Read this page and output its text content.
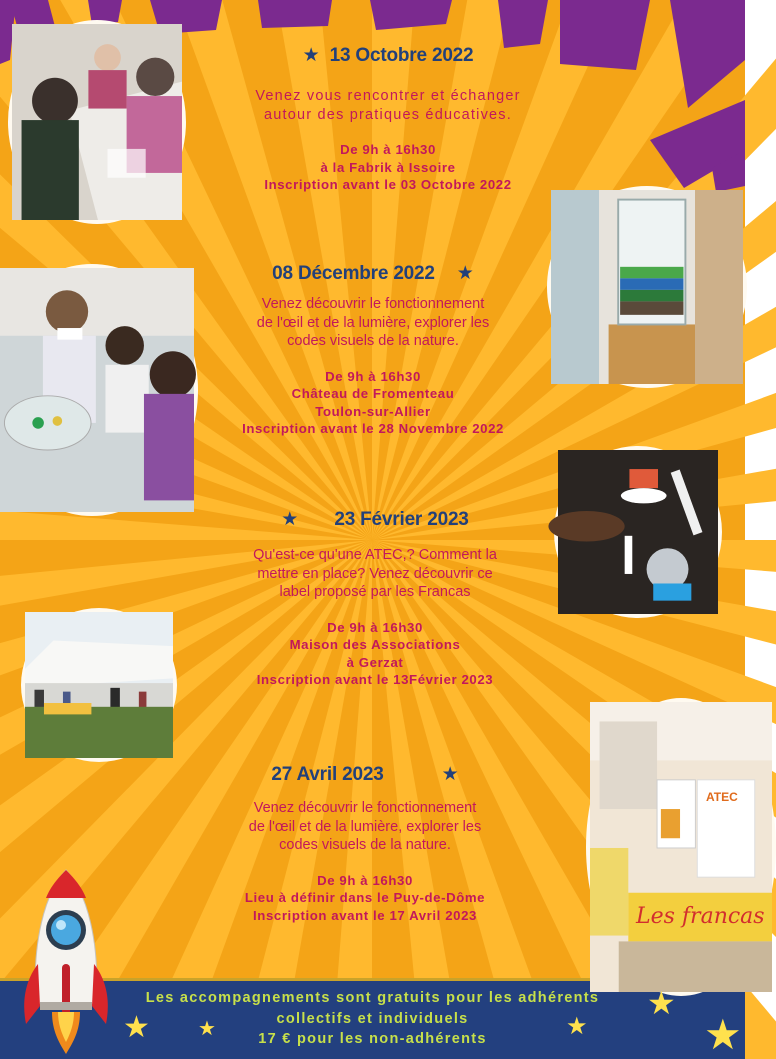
ATEC
Les francas
★ 13 Octobre 2022
Venez vous rencontrer et échanger
autour des pratiques éducatives.
De 9h à 16h30
à la Fabrik à Issoire
Inscription avant le 03 Octobre 2022
08 Décembre 2022 ★
Venez découvrir le fonctionnement
de l'œil et de la lumière, explorer les
codes visuels de la nature.
De 9h à 16h30
Château de Fromenteau
Toulon-sur-Allier
Inscription avant le 28 Novembre 2022
★ 23 Février 2023
Qu'est-ce qu'une ATEC,? Comment la
mettre en place? Venez découvrir ce
label proposé par les Francas
De 9h à 16h30
Maison des Associations
à Gerzat
Inscription avant le 13Février 2023
27 Avril 2023	★
Venez découvrir le fonctionnement
de l'œil et de la lumière, explorer les
codes visuels de la nature.
De 9h à 16h30
Lieu à définir dans le Puy-de-Dôme
Inscription avant le 17 Avril 2023
Les accompagnements sont gratuits pour les adhérents
collectifs et individuels
17 € pour les non-adhérents
★ ★	★
★
★
